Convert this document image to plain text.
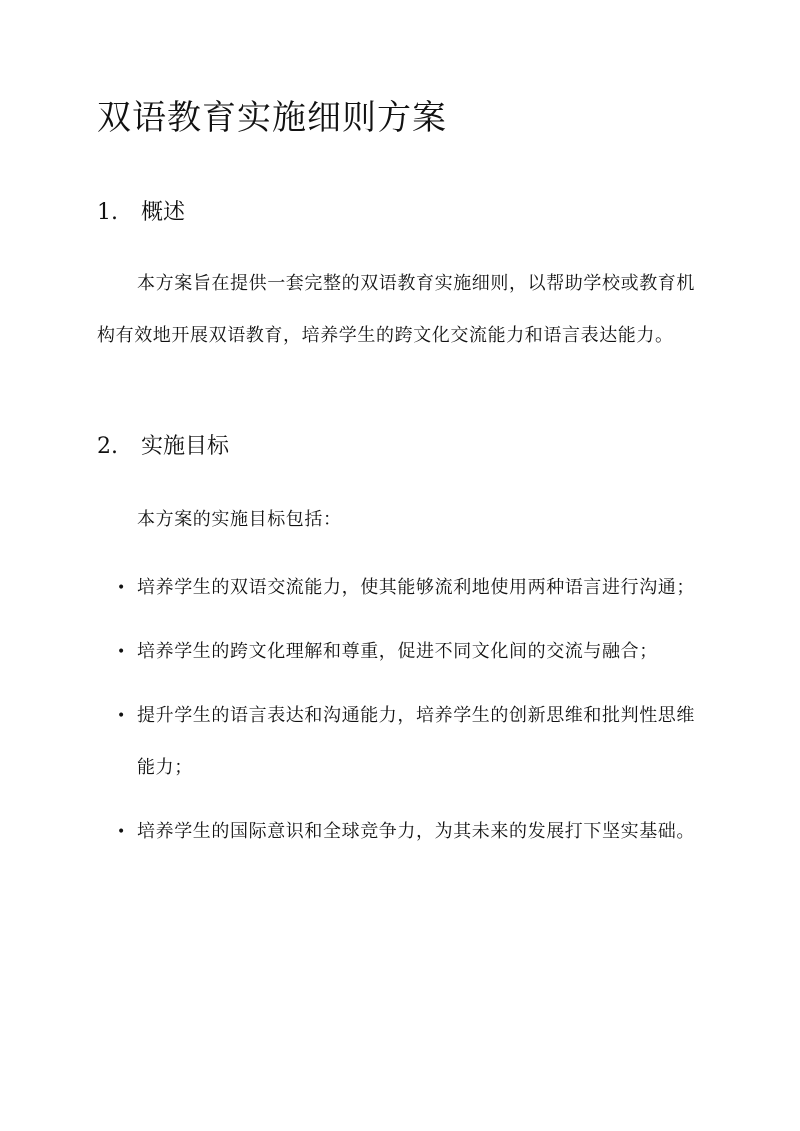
双语教育实施细则方案
1. 概述

本方案旨在提供一套完整的双语教育实施细则，以帮助学校或教育机构有效地开展双语教育，培养学生的跨文化交流能力和语言表达能力。

2. 实施目标

本方案的实施目标包括：

• 培养学生的双语交流能力，使其能够流利地使用两种语言进行沟通；
• 培养学生的跨文化理解和尊重，促进不同文化间的交流与融合；
• 提升学生的语言表达和沟通能力，培养学生的创新思维和批判性思维能力；
• 培养学生的国际意识和全球竞争力，为其未来的发展打下坚实基础。
